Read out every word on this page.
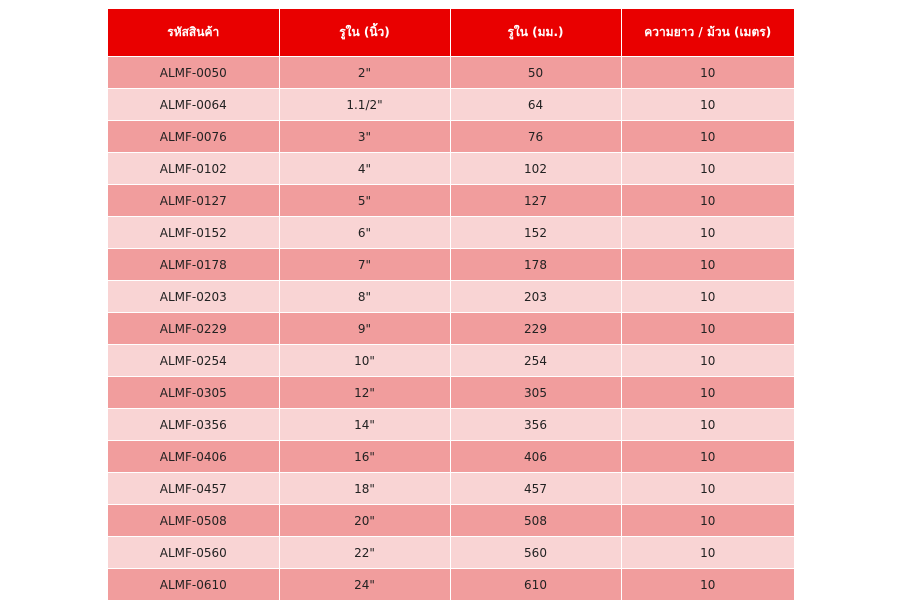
รหัสสินค้า	รูใน (นิ้ว)	รูใน (มม.)	ความยาว / ม้วน (เมตร)
ALMF-0050	2"	50	10
ALMF-0064	1.1/2"	64	10
ALMF-0076	3"	76	10
ALMF-0102	4"	102	10
ALMF-0127	5"	127	10
ALMF-0152	6"	152	10
ALMF-0178	7"	178	10
ALMF-0203	8"	203	10
ALMF-0229	9"	229	10
ALMF-0254	10"	254	10
ALMF-0305	12"	305	10
ALMF-0356	14"	356	10
ALMF-0406	16"	406	10
ALMF-0457	18"	457	10
ALMF-0508	20"	508	10
ALMF-0560	22"	560	10
ALMF-0610	24"	610	10
